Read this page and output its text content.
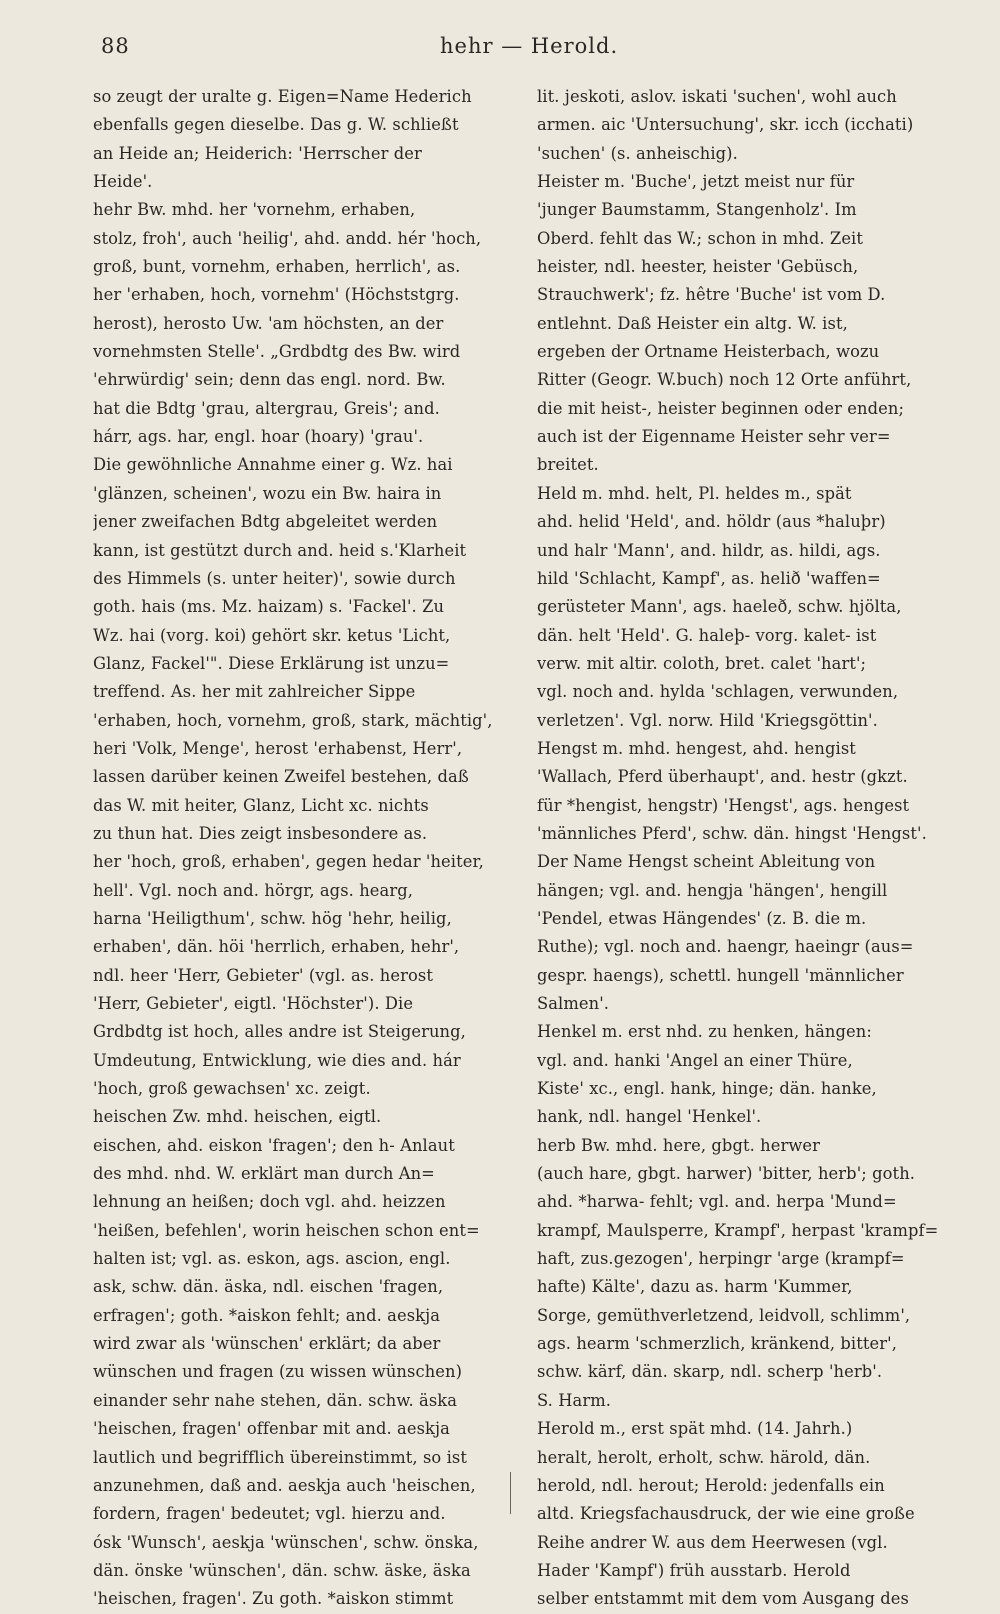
88	hehr — Herold.
so zeugt der uralte g. Eigen=Name Hederich
ebenfalls gegen dieselbe. Das g. W. schließt
an Heide an; Heiderich: 'Herrscher der
Heide'.
hehr Bw. mhd. her 'vornehm, erhaben,
stolz, froh', auch 'heilig', ahd. andd. hér 'hoch,
groß, bunt, vornehm, erhaben, herrlich', as.
her 'erhaben, hoch, vornehm' (Höchststgrg.
herost), herosto Uw. 'am höchsten, an der
vornehmsten Stelle'. „Grdbdtg des Bw. wird
'ehrwürdig' sein; denn das engl. nord. Bw.
hat die Bdtg 'grau, altergrau, Greis'; and.
hárr, ags. har, engl. hoar (hoary) 'grau'.
Die gewöhnliche Annahme einer g. Wz. hai
'glänzen, scheinen', wozu ein Bw. haira in
jener zweifachen Bdtg abgeleitet werden
kann, ist gestützt durch and. heid s.'Klarheit
des Himmels (s. unter heiter)', sowie durch
goth. hais (ms. Mz. haizam) s. 'Fackel'. Zu
Wz. hai (vorg. koi) gehört skr. ketus 'Licht,
Glanz, Fackel'". Diese Erklärung ist unzu=
treffend. As. her mit zahlreicher Sippe
'erhaben, hoch, vornehm, groß, stark, mächtig',
heri 'Volk, Menge', herost 'erhabenst, Herr',
lassen darüber keinen Zweifel bestehen, daß
das W. mit heiter, Glanz, Licht xc. nichts
zu thun hat. Dies zeigt insbesondere as.
her 'hoch, groß, erhaben', gegen hedar 'heiter,
hell'. Vgl. noch and. hörgr, ags. hearg,
harna 'Heiligthum', schw. hög 'hehr, heilig,
erhaben', dän. höi 'herrlich, erhaben, hehr',
ndl. heer 'Herr, Gebieter' (vgl. as. herost
'Herr, Gebieter', eigtl. 'Höchster'). Die
Grdbdtg ist hoch, alles andre ist Steigerung,
Umdeutung, Entwicklung, wie dies and. hár
'hoch, groß gewachsen' xc. zeigt.
heischen Zw. mhd. heischen, eigtl.
eischen, ahd. eiskon 'fragen'; den h- Anlaut
des mhd. nhd. W. erklärt man durch An=
lehnung an heißen; doch vgl. ahd. heizzen
'heißen, befehlen', worin heischen schon ent=
halten ist; vgl. as. eskon, ags. ascion, engl.
ask, schw. dän. äska, ndl. eischen 'fragen,
erfragen'; goth. *aiskon fehlt; and. aeskja
wird zwar als 'wünschen' erklärt; da aber
wünschen und fragen (zu wissen wünschen)
einander sehr nahe stehen, dän. schw. äska
'heischen, fragen' offenbar mit and. aeskja
lautlich und begrifflich übereinstimmt, so ist
anzunehmen, daß and. aeskja auch 'heischen,
fordern, fragen' bedeutet; vgl. hierzu and.
ósk 'Wunsch', aeskja 'wünschen', schw. önska,
dän. önske 'wünschen', dän. schw. äske, äska
'heischen, fragen'. Zu goth. *aiskon stimmt
lit. jeskoti, aslov. iskati 'suchen', wohl auch
armen. aic 'Untersuchung', skr. icch (icchati)
'suchen' (s. anheischig).
Heister m. 'Buche', jetzt meist nur für
'junger Baumstamm, Stangenholz'. Im
Oberd. fehlt das W.; schon in mhd. Zeit
heister, ndl. heester, heister 'Gebüsch,
Strauchwerk'; fz. hêtre 'Buche' ist vom D.
entlehnt. Daß Heister ein altg. W. ist,
ergeben der Ortname Heisterbach, wozu
Ritter (Geogr. W.buch) noch 12 Orte anführt,
die mit heist-, heister beginnen oder enden;
auch ist der Eigenname Heister sehr ver=
breitet.
Held m. mhd. helt, Pl. heldes m., spät
ahd. helid 'Held', and. höldr (aus *haluþr)
und halr 'Mann', and. hildr, as. hildi, ags.
hild 'Schlacht, Kampf', as. helið 'waffen=
gerüsteter Mann', ags. haeleð, schw. hjölta,
dän. helt 'Held'. G. haleþ- vorg. kalet- ist
verw. mit altir. coloth, bret. calet 'hart';
vgl. noch and. hylda 'schlagen, verwunden,
verletzen'. Vgl. norw. Hild 'Kriegsgöttin'.
Hengst m. mhd. hengest, ahd. hengist
'Wallach, Pferd überhaupt', and. hestr (gkzt.
für *hengist, hengstr) 'Hengst', ags. hengest
'männliches Pferd', schw. dän. hingst 'Hengst'.
Der Name Hengst scheint Ableitung von
hängen; vgl. and. hengja 'hängen', hengill
'Pendel, etwas Hängendes' (z. B. die m.
Ruthe); vgl. noch and. haengr, haeingr (aus=
gespr. haengs), schettl. hungell 'männlicher
Salmen'.
Henkel m. erst nhd. zu henken, hängen:
vgl. and. hanki 'Angel an einer Thüre,
Kiste' xc., engl. hank, hinge; dän. hanke,
hank, ndl. hangel 'Henkel'.
herb Bw. mhd. here, gbgt. herwer
(auch hare, gbgt. harwer) 'bitter, herb'; goth.
ahd. *harwa- fehlt; vgl. and. herpa 'Mund=
krampf, Maulsperre, Krampf', herpast 'krampf=
haft, zus.gezogen', herpingr 'arge (krampf=
hafte) Kälte', dazu as. harm 'Kummer,
Sorge, gemüthverletzend, leidvoll, schlimm',
ags. hearm 'schmerzlich, kränkend, bitter',
schw. kärf, dän. skarp, ndl. scherp 'herb'.
S. Harm.
Herold m., erst spät mhd. (14. Jahrh.)
heralt, herolt, erholt, schw. härold, dän.
herold, ndl. herout; Herold: jedenfalls ein
altd. Kriegsfachausdruck, der wie eine große
Reihe andrer W. aus dem Heerwesen (vgl.
Hader 'Kampf') früh ausstarb. Herold
selber entstammt mit dem vom Ausgang des
